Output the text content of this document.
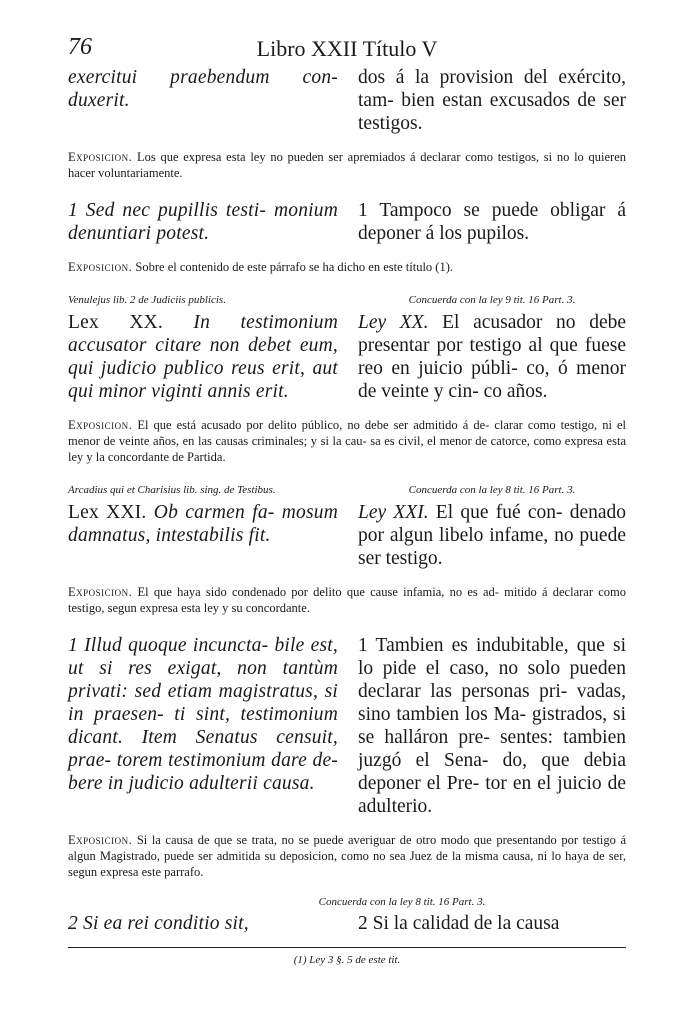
76	Libro XXII Título V
exercitui praebendum con- duxerit.
dos á la provision del exército, tam- bien estan excusados de ser testigos.

Exposicion. Los que expresa esta ley no pueden ser apremiados á declarar como testigos, si no lo quieren hacer voluntariamente.

1 Sed nec pupillis testi- monium denuntiari potest.
1 Tampoco se puede obligar á deponer á los pupilos.

Exposicion. Sobre el contenido de este párrafo se ha dicho en este título (1).

Venulejus lib. 2 de Judiciis publicis.	Concuerda con la ley 9 tit. 16 Part. 3.
Lex XX. In testimonium accusator citare non debet eum, qui judicio publico reus erit, aut qui minor viginti annis erit.
Ley XX. El acusador no debe presentar por testigo al que fuese reo en juicio públi- co, ó menor de veinte y cin- co años.

Exposicion. El que está acusado por delito público, no debe ser admitido á de- clarar como testigo, ni el menor de veinte años, en las causas criminales; y si la cau- sa es civil, el menor de catorce, como expresa esta ley y la concordante de Partida.

Arcadius qui et Charisius lib. sing. de Testibus.	Concuerda con la ley 8 tit. 16 Part. 3.
Lex XXI. Ob carmen fa- mosum damnatus, intestabilis fit.
Ley XXI. El que fué con- denado por algun libelo infame, no puede ser testigo.

Exposicion. El que haya sido condenado por delito que cause infamia, no es ad- mitido á declarar como testigo, segun expresa esta ley y su concordante.

1 Illud quoque incuncta- bile est, ut si res exigat, non tantùm privati: sed etiam magistratus, si in praesen- ti sint, testimonium dicant. Item Senatus censuit, prae- torem testimonium dare de- bere in judicio adulterii causa.
1 Tambien es indubitable, que si lo pide el caso, no solo pueden declarar las personas pri- vadas, sino tambien los Ma- gistrados, si se halláron pre- sentes: tambien juzgó el Sena- do, que debia deponer el Pre- tor en el juicio de adulterio.

Exposicion. Si la causa de que se trata, no se puede averiguar de otro modo que presentando por testigo á algun Magistrado, puede ser admitida su deposicion, como no sea Juez de la misma causa, ni lo haya de ser, segun expresa este parrafo.

Concuerda con la ley 8 tit. 16 Part. 3.
2 Si ea rei conditio sit,	2 Si la calidad de la causa
(1) Ley 3 §. 5 de este tit.
